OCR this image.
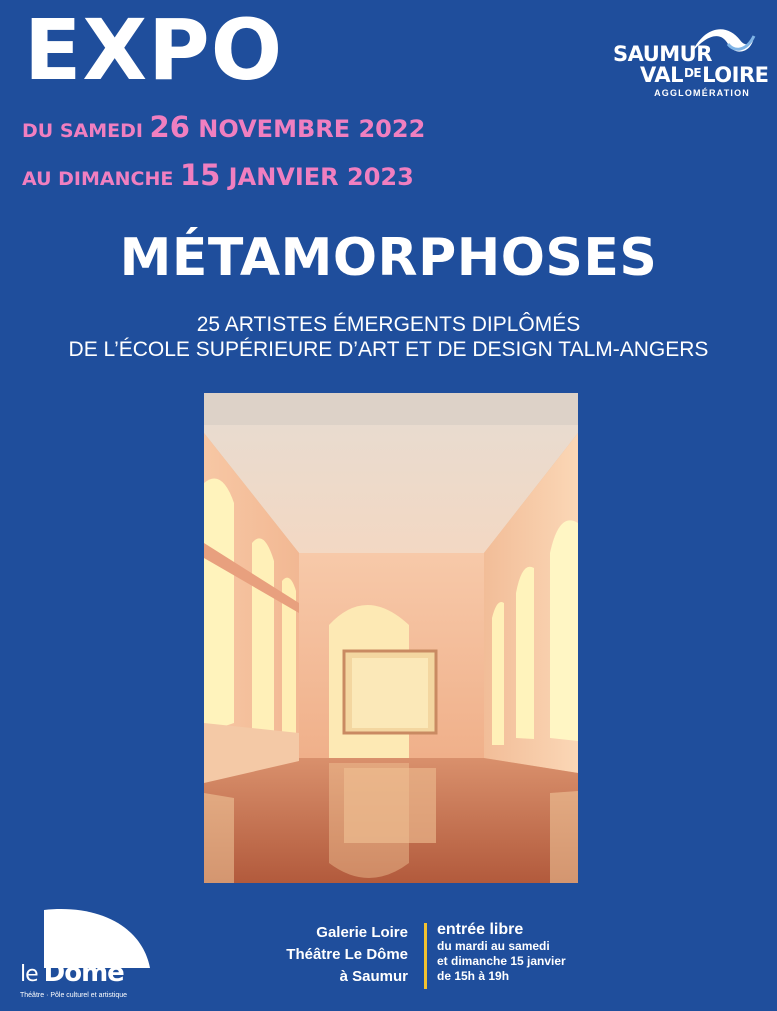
EXPO	SAUMUR
$VAL^{DE}LOIRE$
AGGLOMÉRATION
DU SAMEDI 26 NOVEMBRE 2022
AU DIMANCHE 15 JANVIER 2023
MÉTAMORPHOSES
25 ARTISTES ÉMERGENTS DIPLÔMÉS
DE L’ÉCOLE SUPÉRIEURE D’ART ET DE DESIGN TALM-ANGERS
le Dôme
Théâtre · Pôle culturel et artistique
Galerie Loire
Théâtre Le Dôme
à Saumur
entrée libre
du mardi au samedi
et dimanche 15 janvier
de 15h à 19h
